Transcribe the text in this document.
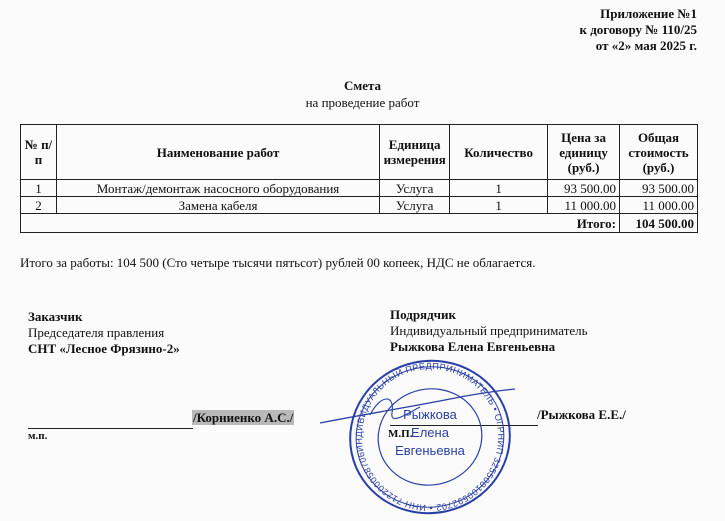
Приложение №1
к договору № 110/25
от «2» мая 2025 г.
Смета
на проведение работ
№ п/п	Наименование работ	Единица измерения	Количество	Цена за единицу (руб.)	Общая стоимость (руб.)
1	Монтаж/демонтаж насосного оборудования	Услуга	1	93 500.00	93 500.00
2	Замена кабеля	Услуга	1	11 000.00	11 000.00
Итого:					104 500.00
Итого за работы: 104 500 (Сто четыре тысячи пятьсот) рублей 00 копеек, НДС не облагается.
Заказчик
Председателя правления
СНТ «Лесное Фрязино-2»
/Корниенко А.С./
м.п.
Подрядчик
Индивидуальный предприниматель
Рыжкова Елена Евгеньевна
/Рыжкова Е.Е./
ИНДИВИДУАЛЬНЫЙ ПРЕДПРИНИМАТЕЛЬ • ОГРНИП 325508100592702 • ИНН 712200058706
Рыжкова
Елена
Евгеньевна
М.П.
